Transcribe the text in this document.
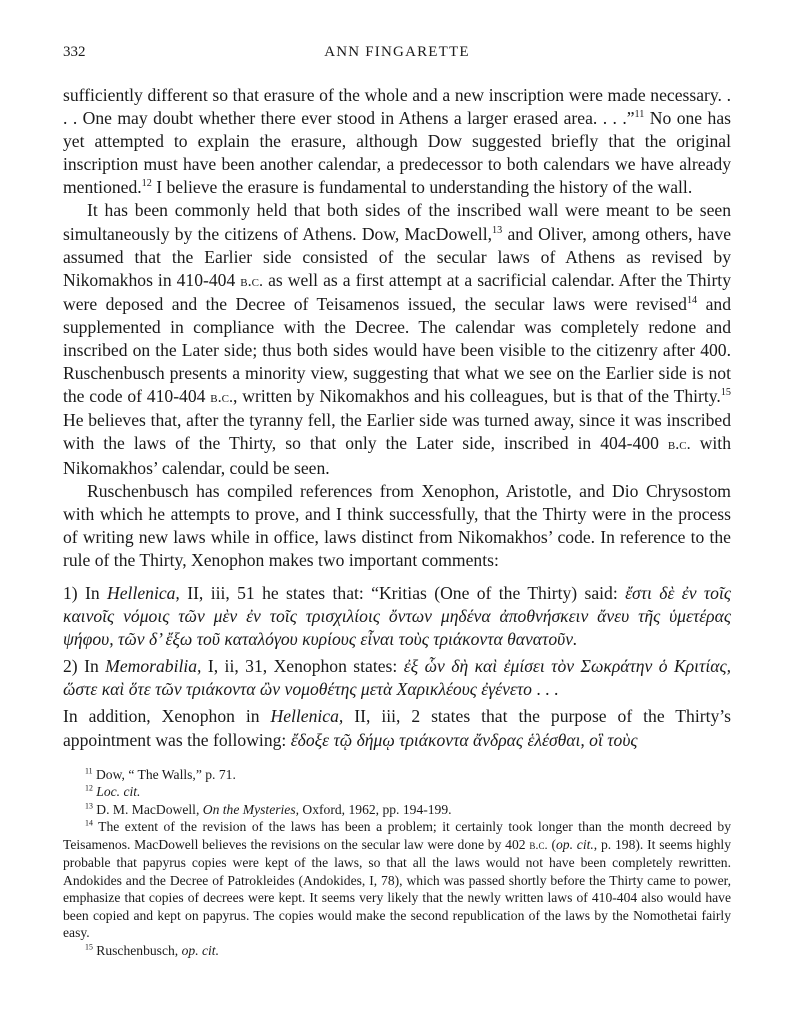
332	ANN FINGARETTE

sufficiently different so that erasure of the whole and a new inscription were made necessary. . . . One may doubt whether there ever stood in Athens a larger erased area. . . .”$^{11}$ No one has yet attempted to explain the erasure, although Dow suggested briefly that the original inscription must have been another calendar, a predecessor to both calendars we have already mentioned.$^{12}$ I believe the erasure is fundamental to understanding the history of the wall.

It has been commonly held that both sides of the inscribed wall were meant to be seen simultaneously by the citizens of Athens. Dow, MacDowell,$^{13}$ and Oliver, among others, have assumed that the Earlier side consisted of the secular laws of Athens as revised by Nikomakhos in 410-404 b.c. as well as a first attempt at a sacrificial calendar. After the Thirty were deposed and the Decree of Teisamenos issued, the secular laws were revised$^{14}$ and supplemented in compliance with the Decree. The calendar was completely redone and inscribed on the Later side; thus both sides would have been visible to the citizenry after 400. Ruschenbusch presents a minority view, suggesting that what we see on the Earlier side is not the code of 410-404 b.c., written by Nikomakhos and his colleagues, but is that of the Thirty.$^{15}$ He believes that, after the tyranny fell, the Earlier side was turned away, since it was inscribed with the laws of the Thirty, so that only the Later side, inscribed in 404-400 b.c. with Nikomakhos’ calendar, could be seen.

Ruschenbusch has compiled references from Xenophon, Aristotle, and Dio Chrysostom with which he attempts to prove, and I think successfully, that the Thirty were in the process of writing new laws while in office, laws distinct from Nikomakhos’ code. In reference to the rule of the Thirty, Xenophon makes two important comments:

1) In Hellenica, II, iii, 51 he states that: “Kritias (One of the Thirty) said: ἔστι δὲ ἐν τοῖς καινοῖς νόμοις τῶν μὲν ἐν τοῖς τρισχιλίοις ὄντων μηδένα ἀποθνήσκειν ἄνευ τῆς ὑμετέρας ψήφου, τῶν δ’ ἔξω τοῦ καταλόγου κυρίους εἶναι τοὺς τριάκοντα θανατοῦν.

2) In Memorabilia, I, ii, 31, Xenophon states: ἐξ ὧν δὴ καὶ ἐμίσει τὸν Σωκράτην ὁ Κριτίας, ὥστε καὶ ὅτε τῶν τριάκοντα ὢν νομοθέτης μετὰ Χαρικλέους ἐγένετο . . .

In addition, Xenophon in Hellenica, II, iii, 2 states that the purpose of the Thirty’s appointment was the following: ἔδοξε τῷ δήμῳ τριάκοντα ἄνδρας ἑλέσθαι, οἳ τοὺς

$^{11}$ Dow, “ The Walls,” p. 71.

$^{12}$ Loc. cit.

$^{13}$ D. M. MacDowell, On the Mysteries, Oxford, 1962, pp. 194-199.

$^{14}$ The extent of the revision of the laws has been a problem; it certainly took longer than the month decreed by Teisamenos. MacDowell believes the revisions on the secular law were done by 402 b.c. (op. cit., p. 198). It seems highly probable that papyrus copies were kept of the laws, so that all the laws would not have been completely rewritten. Andokides and the Decree of Patrokleides (Andokides, I, 78), which was passed shortly before the Thirty came to power, emphasize that copies of decrees were kept. It seems very likely that the newly written laws of 410-404 also would have been copied and kept on papyrus. The copies would make the second republication of the laws by the Nomothetai fairly easy.

$^{15}$ Ruschenbusch, op. cit.
